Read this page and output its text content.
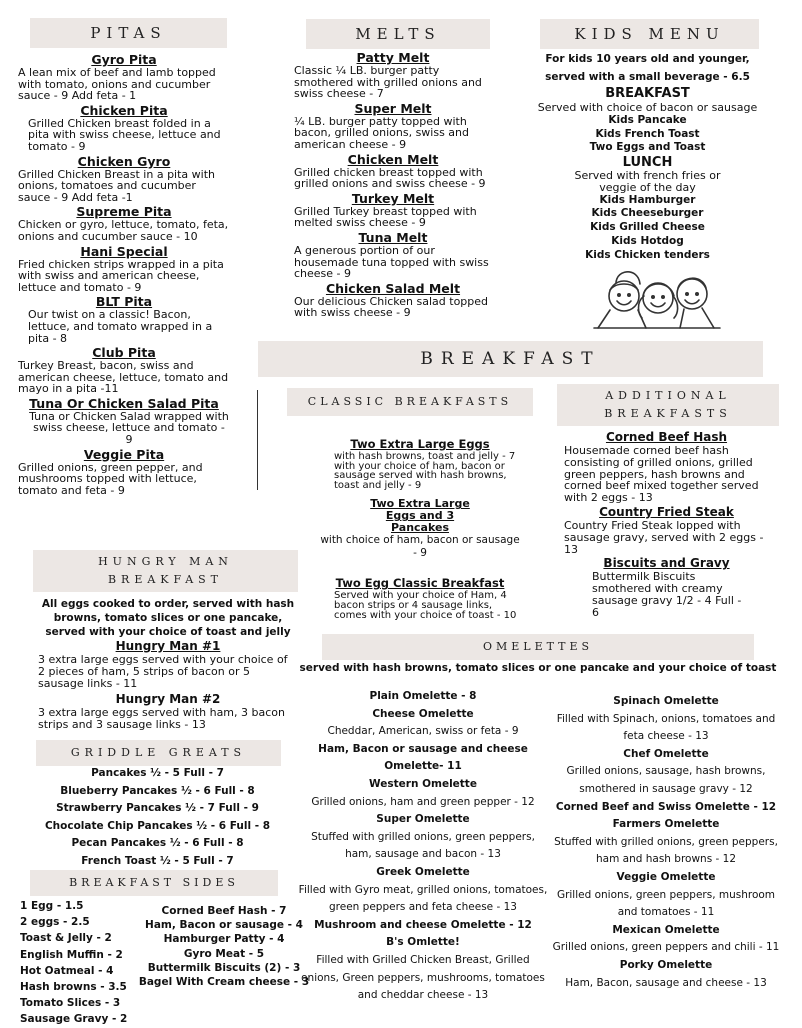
PITAS
Gyro Pita
A lean mix of beef and lamb topped with tomato, onions and cucumber sauce - 9 Add feta - 1
Chicken Pita
Grilled Chicken breast folded in a pita with swiss cheese, lettuce and tomato - 9
Chicken Gyro
Grilled Chicken Breast in a pita with onions, tomatoes and cucumber sauce - 9 Add feta -1
Supreme Pita
Chicken or gyro, lettuce, tomato, feta, onions and cucumber sauce - 10
Hani Special
Fried chicken strips wrapped in a pita with swiss and american cheese, lettuce and tomato - 9
BLT Pita
Our twist on a classic! Bacon, lettuce, and tomato wrapped in a pita - 8
Club Pita
Turkey Breast, bacon, swiss and american cheese, lettuce, tomato and mayo in a pita -11
Tuna Or Chicken Salad Pita
Tuna or Chicken Salad wrapped with swiss cheese, lettuce and tomato - 9
Veggie Pita
Grilled onions, green pepper, and mushrooms topped with lettuce, tomato and feta - 9
MELTS
Patty Melt
Classic ¼ LB. burger patty smothered with grilled onions and swiss cheese - 7
Super Melt
¼ LB. burger patty topped with bacon, grilled onions, swiss and american cheese - 9
Chicken Melt
Grilled chicken breast topped with grilled onions and swiss cheese - 9
Turkey Melt
Grilled Turkey breast topped with melted swiss cheese - 9
Tuna Melt
A generous portion of our housemade tuna topped with swiss cheese - 9
Chicken Salad Melt
Our delicious Chicken salad topped with swiss cheese - 9
KIDS MENU
For kids 10 years old and younger,
served with a small beverage - 6.5
BREAKFAST
Served with choice of bacon or sausage
Kids Pancake
Kids French Toast
Two Eggs and Toast
LUNCH
Served with french fries or veggie of the day
Kids Hamburger
Kids Cheeseburger
Kids Grilled Cheese
Kids Hotdog
Kids Chicken tenders
BREAKFAST
CLASSIC BREAKFASTS
Two Extra Large Eggs
with hash browns, toast and jelly - 7 with your choice of ham, bacon or sausage served with hash browns, toast and jelly - 9
Two Extra Large Eggs and 3 Pancakes
with choice of ham, bacon or sausage - 9
Two Egg Classic Breakfast
Served with your choice of Ham, 4 bacon strips or 4 sausage links, comes with your choice of toast - 10
ADDITIONAL BREAKFASTS
Corned Beef Hash
Housemade corned beef hash consisting of grilled onions, grilled green peppers, hash browns and corned beef mixed together served with 2 eggs - 13
Country Fried Steak
Country Fried Steak lopped with sausage gravy, served with 2 eggs - 13
Biscuits and Gravy
Buttermilk Biscuits smothered with creamy sausage gravy 1/2 - 4 Full - 6
HUNGRY MAN BREAKFAST
All eggs cooked to order, served with hash browns, tomato slices or one pancake, served with your choice of toast and jelly
Hungry Man #1
3 extra large eggs served with your choice of 2 pieces of ham, 5 strips of bacon or 5 sausage links - 11
Hungry Man #2
3 extra large eggs served with ham, 3 bacon strips and 3 sausage links - 13
GRIDDLE GREATS
Pancakes ½ - 5 Full - 7
Blueberry Pancakes ½ - 6 Full - 8
Strawberry Pancakes ½ - 7 Full - 9
Chocolate Chip Pancakes ½ - 6 Full - 8
Pecan Pancakes ½ - 6 Full - 8
French Toast ½ - 5 Full - 7
BREAKFAST SIDES
1 Egg - 1.5
2 eggs - 2.5
Toast & Jelly - 2
English Muffin - 2
Hot Oatmeal - 4
Hash browns - 3.5
Tomato Slices - 3
Sausage Gravy - 2
Corned Beef Hash - 7
Ham, Bacon or sausage - 4
Hamburger Patty - 4
Gyro Meat - 5
Buttermilk Biscuits (2) - 3
Bagel With Cream cheese - 3
OMELETTES
served with hash browns, tomato slices or one pancake and your choice of toast
Plain Omelette - 8
Cheese Omelette
Cheddar, American, swiss or feta - 9
Ham, Bacon or sausage and cheese Omelette- 11
Western Omelette
Grilled onions, ham and green pepper - 12
Super Omelette
Stuffed with grilled onions, green peppers, ham, sausage and bacon - 13
Greek Omelette
Filled with Gyro meat, grilled onions, tomatoes, green peppers and feta cheese - 13
Mushroom and cheese Omelette - 12
B's Omlette!
Filled with Grilled Chicken Breast, Grilled onions, Green peppers, mushrooms, tomatoes and cheddar cheese - 13
Spinach Omelette
Filled with Spinach, onions, tomatoes and feta cheese - 13
Chef Omelette
Grilled onions, sausage, hash browns, smothered in sausage gravy - 12
Corned Beef and Swiss Omelette - 12
Farmers Omelette
Stuffed with grilled onions, green peppers, ham and hash browns - 12
Veggie Omelette
Grilled onions, green peppers, mushroom and tomatoes - 11
Mexican Omelette
Grilled onions, green peppers and chili - 11
Porky Omelette
Ham, Bacon, sausage and cheese - 13
